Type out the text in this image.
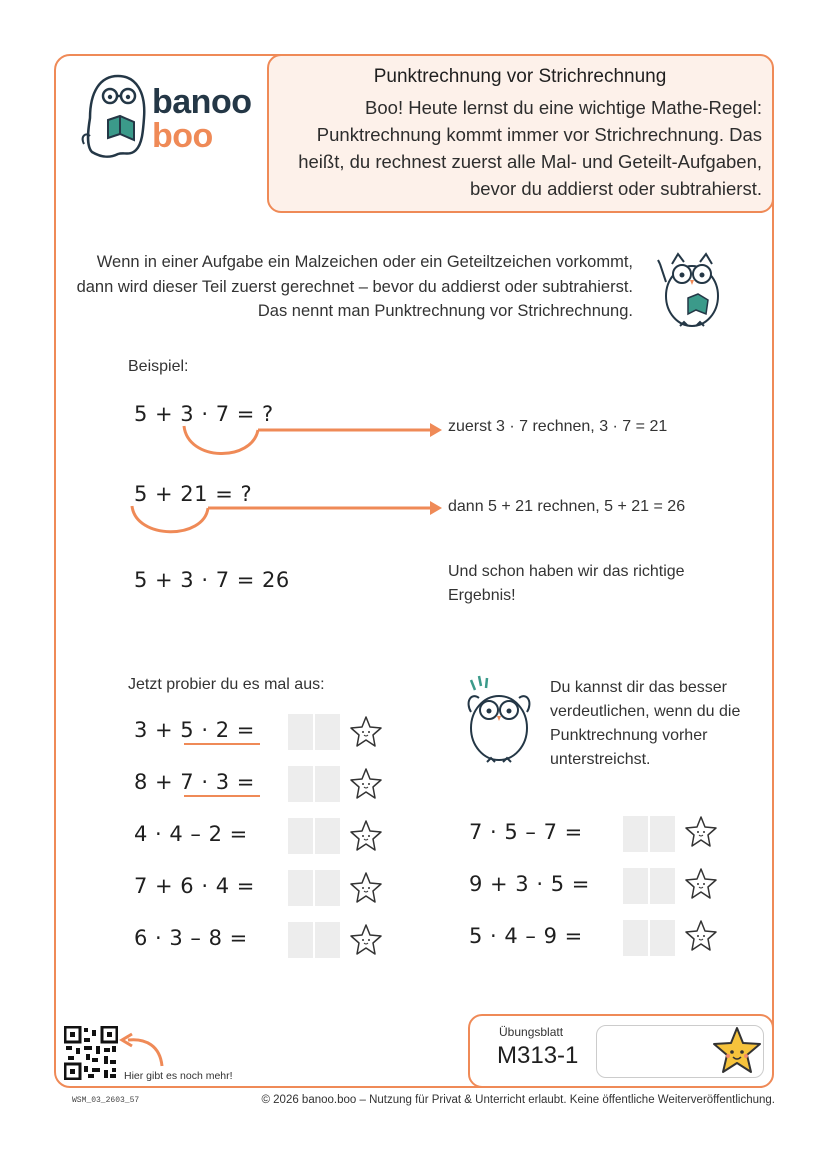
banoo
boo
Punktrechnung vor Strichrechnung
Boo! Heute lernst du eine wichtige Mathe-Regel: Punktrechnung kommt immer vor Strichrechnung. Das heißt, du rechnest zuerst alle Mal- und Geteilt-Aufgaben, bevor du addierst oder subtrahierst.
Wenn in einer Aufgabe ein Malzeichen oder ein Geteiltzeichen vorkommt, dann wird dieser Teil zuerst gerechnet – bevor du addierst oder subtrahierst. Das nennt man Punktrechnung vor Strichrechnung.
Beispiel:
5 + 3 · 7 = ?
zuerst 3 · 7 rechnen, 3 · 7 = 21
5 + 21 = ?
dann 5 + 21 rechnen, 5 + 21 = 26
5 + 3 · 7 = 26	Und schon haben wir das richtige Ergebnis!
Jetzt probier du es mal aus:	Du kannst dir das besser verdeutlichen, wenn du die Punktrechnung vorher unterstreichst.
3 + 5 · 2 =
8 + 7 · 3 =
4 · 4 – 2 =
7 + 6 · 4 =
6 · 3 – 8 =
7 · 5 – 7 =
9 + 3 · 5 =
5 · 4 – 9 =
Hier gibt es noch mehr!
Übungsblatt
M313-1
WSM_03_2603_57	© 2026 banoo.boo – Nutzung für Privat & Unterricht erlaubt. Keine öffentliche Weiterveröffentlichung.
